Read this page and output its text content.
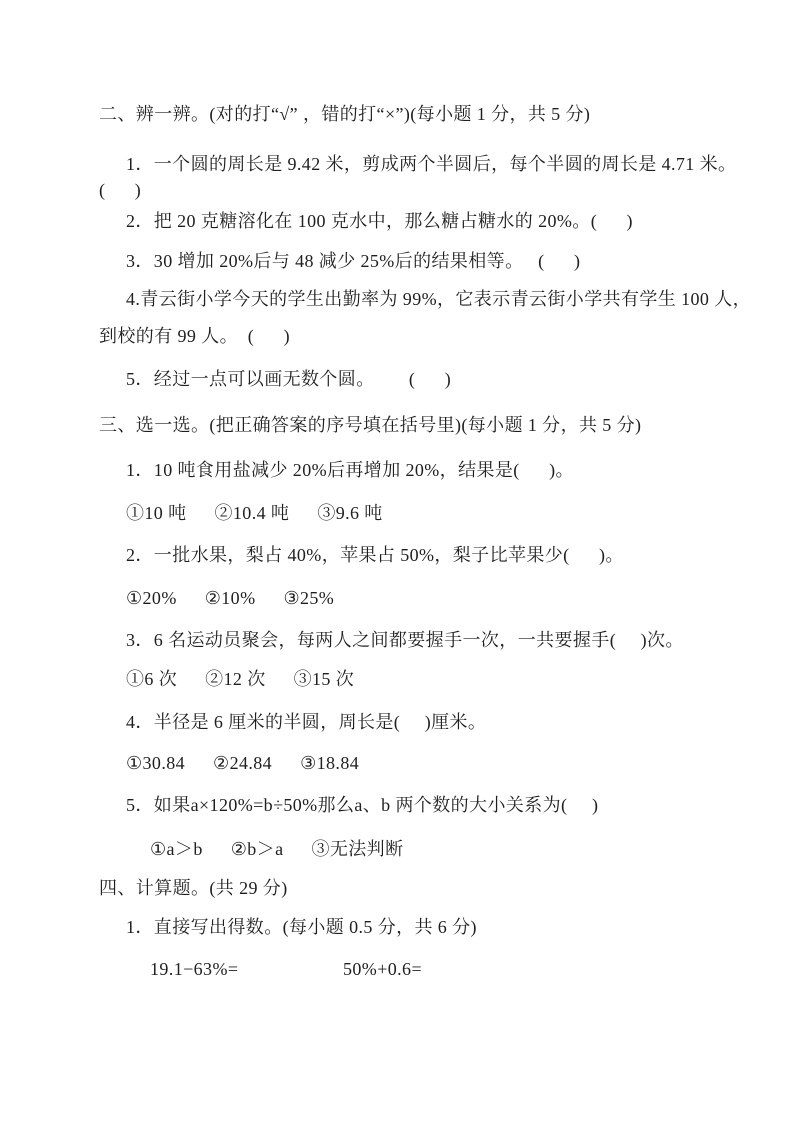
二、辨一辨。(对的打“√” ，错的打“×”)(每小题 1 分，共 5 分)
1．一个圆的周长是 9.42 米，剪成两个半圆后，每个半圆的周长是 4.71 米。
(      )
2．把 20 克糖溶化在 100 克水中，那么糖占糖水的 20%。(      )
3．30 增加 20%后与 48 减少 25%后的结果相等。   (      )
4.青云街小学今天的学生出勤率为 99%，它表示青云街小学共有学生 100 人，
到校的有 99 人。  (      )
5．经过一点可以画无数个圆。       (      )
三、选一选。(把正确答案的序号填在括号里)(每小题 1 分，共 5 分)
1．10 吨食用盐减少 20%后再增加 20%，结果是(      )。
①10 吨 ②10.4 吨 ③9.6 吨
2．一批水果，梨占 40%，苹果占 50%，梨子比苹果少(      )。
①20% ②10% ③25%
3．6 名运动员聚会，每两人之间都要握手一次，一共要握手(     )次。
①6 次 ②12 次 ③15 次
4．半径是 6 厘米的半圆，周长是(     )厘米。
①30.84 ②24.84 ③18.84
5．如果a×120%=b÷50%那么a、b 两个数的大小关系为(     )
①a＞b ②b＞a ③无法判断
四、计算题。(共 29 分)
1．直接写出得数。(每小题 0.5 分，共 6 分)
19.1−63%=	50%+0.6=
